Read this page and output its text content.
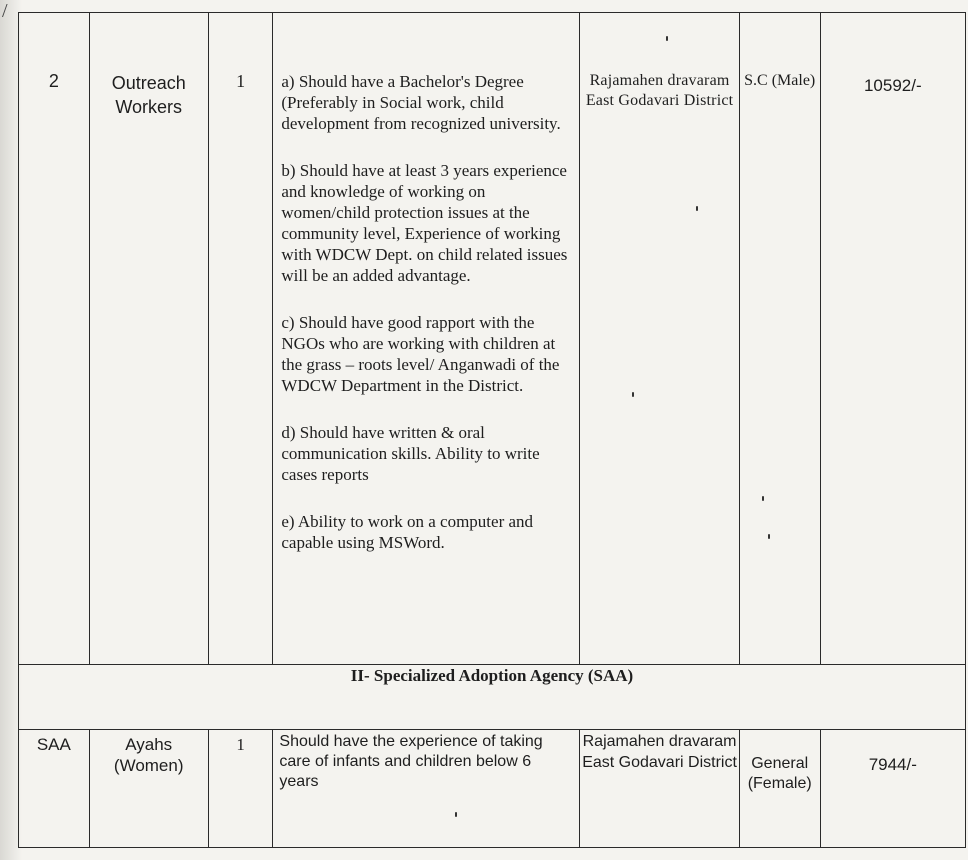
/

2	Outreach Workers	1	a) Should have a Bachelor's Degree (Preferably in Social work, child development from recognized university.
b) Should have at least 3 years experience and knowledge of working on women/child protection issues at the community level, Experience of working with WDCW Dept. on child related issues will be an added advantage.
c) Should have good rapport with the NGOs who are working with children at the grass – roots level/ Anganwadi of the WDCW Department in the District.
d) Should have written & oral communication skills. Ability to write cases reports
e) Ability to work on a computer and capable using MSWord.	Rajamahen dravaram East Godavari District	S.C (Male)	10592/-
II- Specialized Adoption Agency (SAA)						
SAA	Ayahs (Women)	1	Should have the experience of taking care of infants and children below 6 years	Rajamahen dravaram East Godavari District	General (Female)	7944/-
